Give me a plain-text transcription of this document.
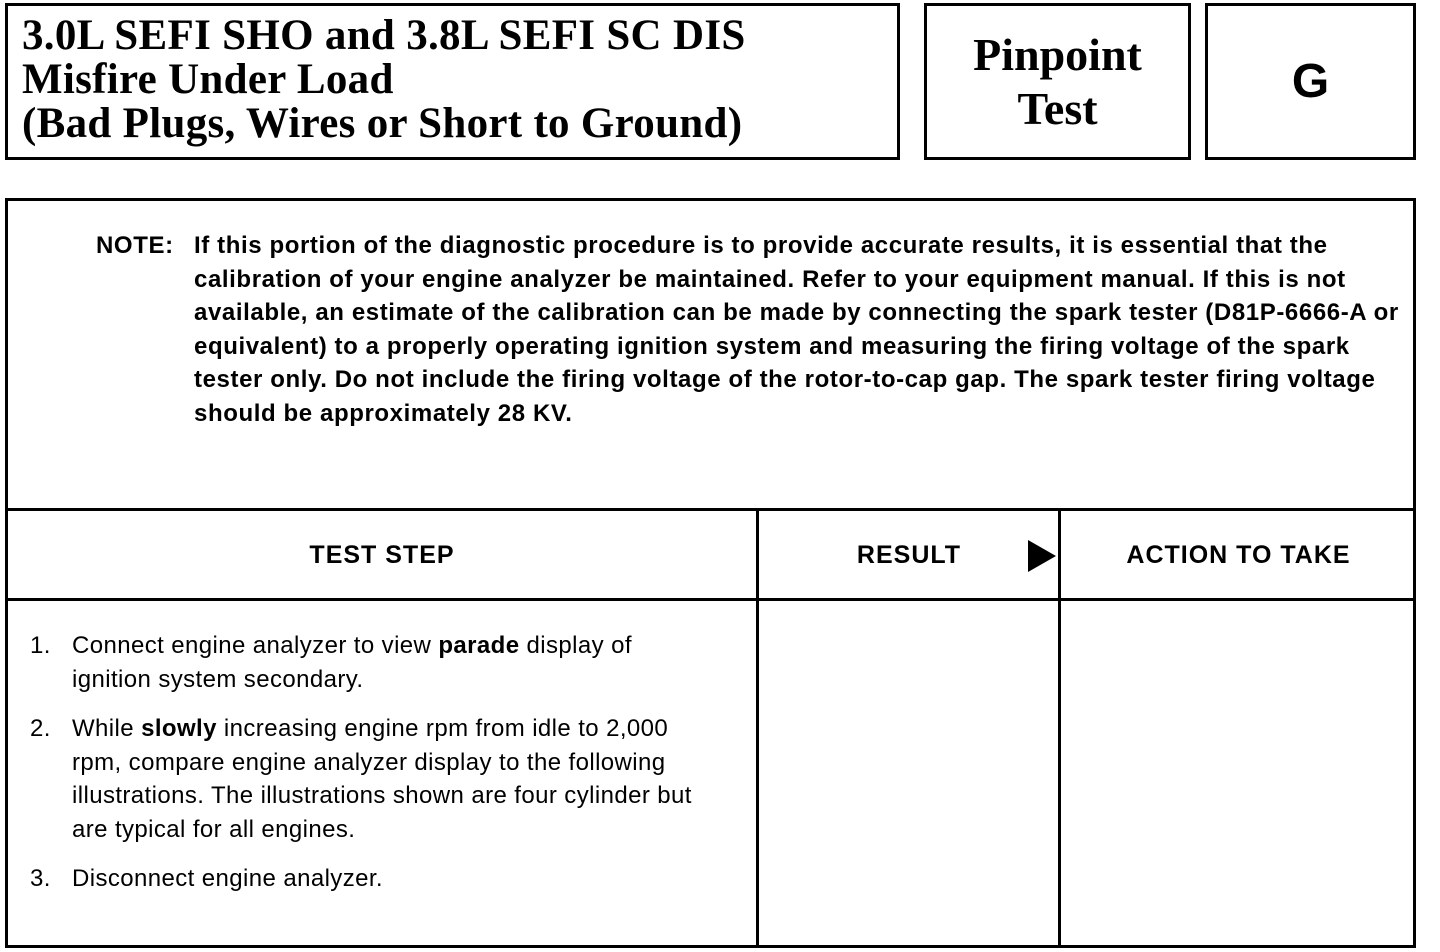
3.0L SEFI SHO and 3.8L SEFI SC DIS
Misfire Under Load
(Bad Plugs, Wires or Short to Ground)
Pinpoint
Test	G
NOTE: If this portion of the diagnostic procedure is to provide accurate results, it is essential that the calibration of your engine analyzer be maintained. Refer to your equipment manual. If this is not available, an estimate of the calibration can be made by connecting the spark tester (D81P-6666-A or equivalent) to a properly operating ignition system and measuring the firing voltage of the spark tester only. Do not include the firing voltage of the rotor-to-cap gap. The spark tester firing voltage should be approximately 28 KV.
TEST STEP	RESULT	ACTION TO TAKE
1. Connect engine analyzer to view parade display of ignition system secondary.
2. While slowly increasing engine rpm from idle to 2,000 rpm, compare engine analyzer display to the following illustrations. The illustrations shown are four cylinder but are typical for all engines.
3. Disconnect engine analyzer.
